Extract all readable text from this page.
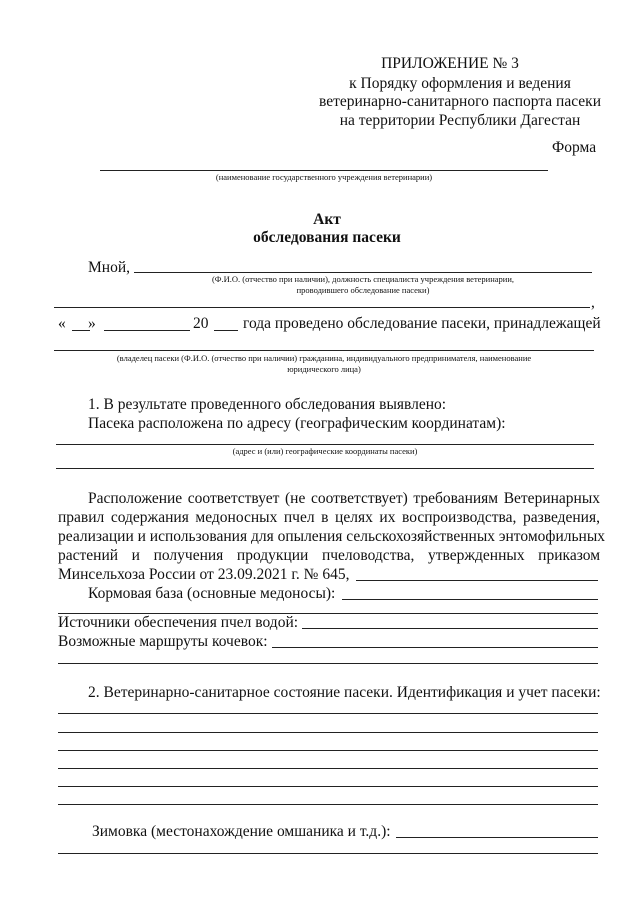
ПРИЛОЖЕНИЕ № 3
к Порядку оформления и ведения
ветеринарно-санитарного паспорта пасеки
на территории Республики Дагестан
Форма
(наименование государственного учреждения ветеринарии)
Акт
обследования пасеки
Мной,
(Ф.И.О. (отчество при наличии), должность специалиста учреждения ветеринарии,
проводившего обследование пасеки)
,
« »	20 года проведено обследование пасеки, принадлежащей
(владелец пасеки (Ф.И.О. (отчество при наличии) гражданина, индивидуального предпринимателя, наименование
юридического лица)
1. В результате проведенного обследования выявлено:
Пасека расположена по адресу (географическим координатам):
(адрес и (или) географические координаты пасеки)
Расположение соответствует (не соответствует) требованиям Ветеринарных
правил содержания медоносных пчел в целях их воспроизводства, разведения,
реализации и использования для опыления сельскохозяйственных энтомофильных
растений и получения продукции пчеловодства, утвержденных приказом
Минсельхоза России от 23.09.2021 г. № 645,
Кормовая база (основные медоносы):
Источники обеспечения пчел водой:
Возможные маршруты кочевок:
2. Ветеринарно-санитарное состояние пасеки. Идентификация и учет пасеки:
Зимовка (местонахождение омшаника и т.д.):
